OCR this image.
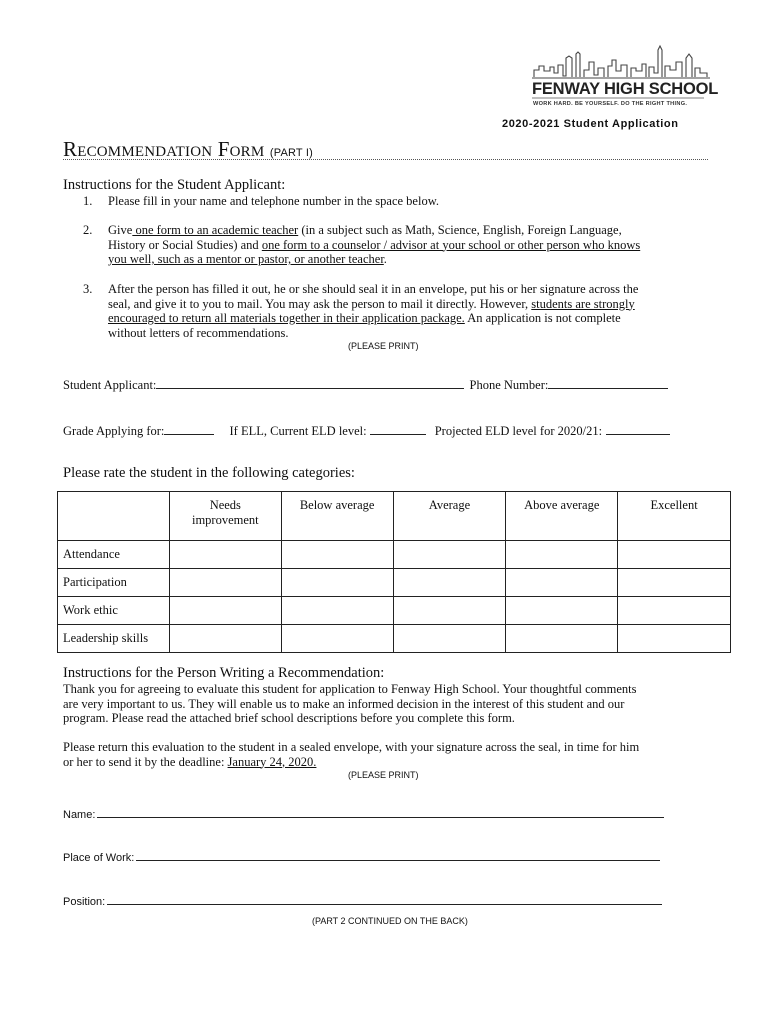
FENWAY HIGH SCHOOL
WORK HARD. BE YOURSELF. DO THE RIGHT THING.
2020-2021 Student Application
Recommendation Form (PART I)
Instructions for the Student Applicant:
1. Please fill in your name and telephone number in the space below.
2. Give one form to an academic teacher (in a subject such as Math, Science, English, Foreign Language,
History or Social Studies) and one form to a counselor / advisor at your school or other person who knows
you well, such as a mentor or pastor, or another teacher.
3. After the person has filled it out, he or she should seal it in an envelope, put his or her signature across the
seal, and give it to you to mail. You may ask the person to mail it directly. However, students are strongly
encouraged to return all materials together in their application package. An application is not complete
without letters of recommendations.
(PLEASE PRINT)
Student Applicant:	Phone Number:
Grade Applying for:	If ELL, Current ELD level:	Projected ELD level for 2020/21:
Please rate the student in the following categories:
	Needs
improvement	Below average	Average	Above average	Excellent
Attendance					
Participation					
Work ethic					
Leadership skills					
Instructions for the Person Writing a Recommendation:
Thank you for agreeing to evaluate this student for application to Fenway High School. Your thoughtful comments
are very important to us. They will enable us to make an informed decision in the interest of this student and our
program. Please read the attached brief school descriptions before you complete this form.
Please return this evaluation to the student in a sealed envelope, with your signature across the seal, in time for him
or her to send it by the deadline: January 24, 2020.
(PLEASE PRINT)
Name:
Place of Work:
Position:
(PART 2 CONTINUED ON THE BACK)
